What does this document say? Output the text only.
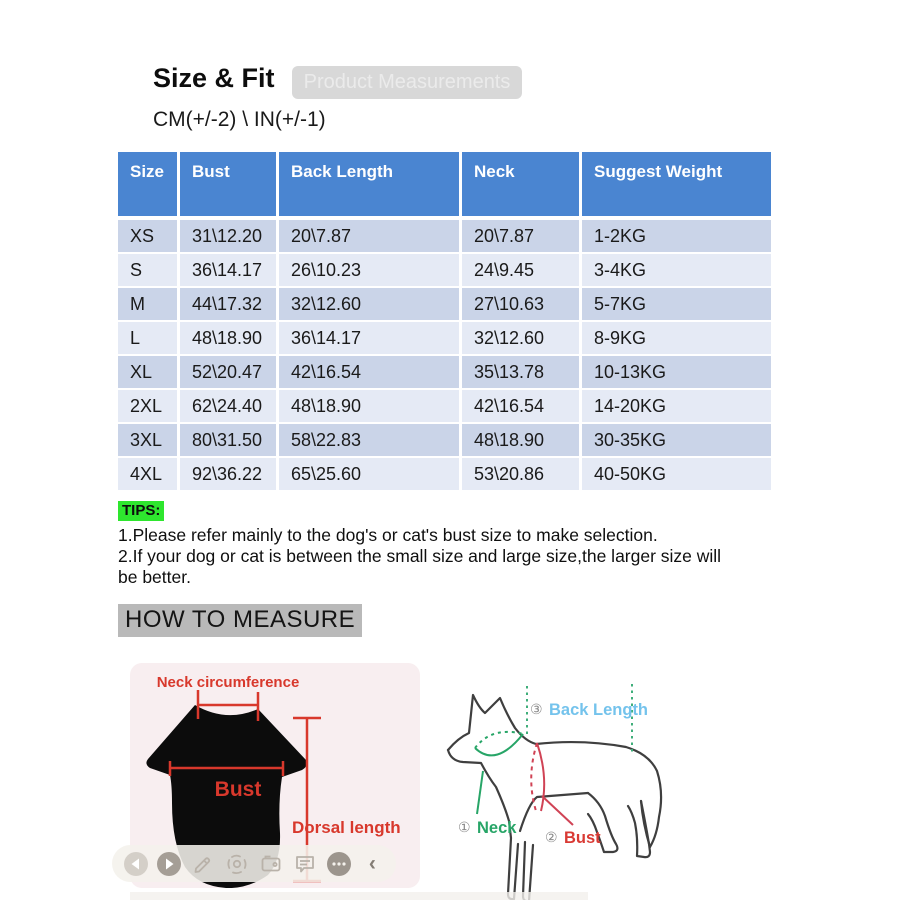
Size & Fit	Product Measurements
CM(+/-2) \ IN(+/-1)
Size	Bust	Back Length	Neck	Suggest Weight
XS	31\12.20	20\7.87	20\7.87	1-2KG
S	36\14.17	26\10.23	24\9.45	3-4KG
M	44\17.32	32\12.60	27\10.63	5-7KG
L	48\18.90	36\14.17	32\12.60	8-9KG
XL	52\20.47	42\16.54	35\13.78	10-13KG
2XL	62\24.40	48\18.90	42\16.54	14-20KG
3XL	80\31.50	58\22.83	48\18.90	30-35KG
4XL	92\36.22	65\25.60	53\20.86	40-50KG
TIPS:
1.Please refer mainly to the dog's or cat's bust size to make selection.
2.If your dog or cat is between the small size and large size,the larger size will
be better.
HOW TO MEASURE
Neck circumference
Bust
Dorsal length
③ Back Length
① Neck ② Bust
‹
